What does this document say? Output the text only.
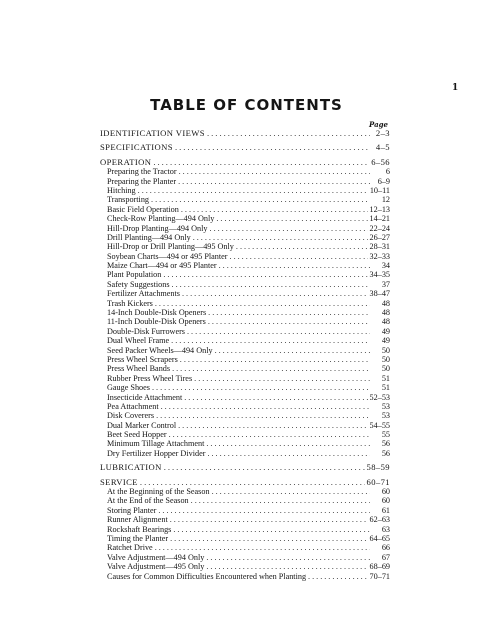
1
TABLE OF CONTENTS
Page
IDENTIFICATION VIEWS .....	2–3
SPECIFICATIONS .....	4–5
OPERATION .....	6–56
Preparing the Tractor .....	6
Preparing the Planter .....	6–9
Hitching .....	10–11
Transporting .....	12
Basic Field Operation .....	12–13
Check-Row Planting—494 Only .....	14–21
Hill-Drop Planting—494 Only .....	22–24
Drill Planting—494 Only .....	26–27
Hill-Drop or Drill Planting—495 Only .....	28–31
Soybean Charts—494 or 495 Planter .....	32–33
Maize Chart—494 or 495 Planter .....	34
Plant Population .....	34–35
Safety Suggestions .....	37
Fertilizer Attachments .....	38–47
Trash Kickers .....	48
14-Inch Double-Disk Openers .....	48
11-Inch Double-Disk Openers .....	48
Double-Disk Furrowers .....	49
Dual Wheel Frame .....	49
Seed Packer Wheels—494 Only .....	50
Press Wheel Scrapers .....	50
Press Wheel Bands .....	50
Rubber Press Wheel Tires .....	51
Gauge Shoes .....	51
Insecticide Attachment .....	52–53
Pea Attachment .....	53
Disk Coverers .....	53
Dual Marker Control .....	54–55
Beet Seed Hopper .....	55
Minimum Tillage Attachment .....	56
Dry Fertilizer Hopper Divider .....	56
LUBRICATION .....	58–59
SERVICE .....	60–71
At the Beginning of the Season .....	60
At the End of the Season .....	60
Storing Planter .....	61
Runner Alignment .....	62–63
Rockshaft Bearings .....	63
Timing the Planter .....	64–65
Ratchet Drive .....	66
Valve Adjustment—494 Only .....	67
Valve Adjustment—495 Only .....	68–69
Causes for Common Difficulties Encountered when Planting .....	70–71
